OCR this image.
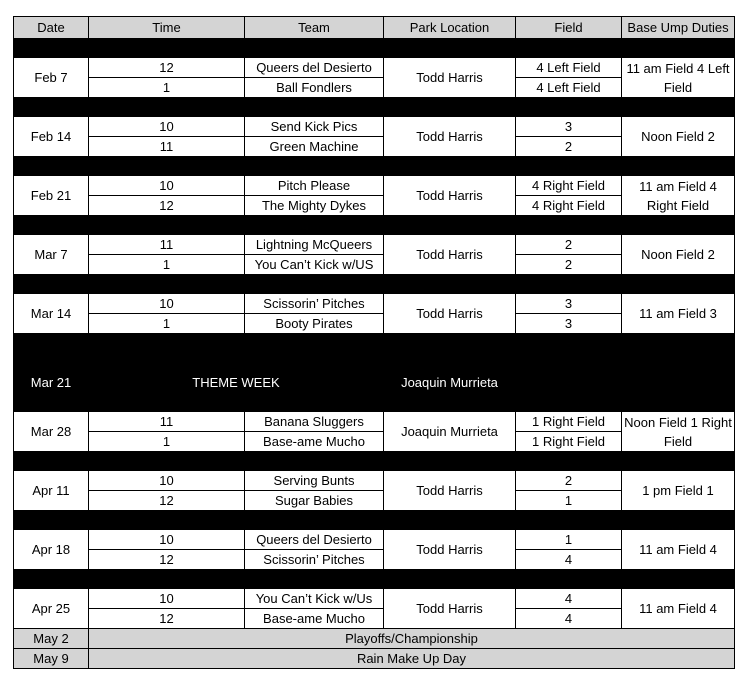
Date	Time	Team	Park Location	Field	Base Ump Duties

Feb 7	12	Queers del Desierto	Todd Harris	4 Left Field	11 am Field 4 Left Field
	1	Ball Fondlers		4 Left Field	

Feb 14	10	Send Kick Pics	Todd Harris	3	Noon Field 2
	11	Green Machine		2	

Feb 21	10	Pitch Please	Todd Harris	4 Right Field	11 am Field 4 Right Field
	12	The Mighty Dykes		4 Right Field	

Mar 7	11	Lightning McQueers	Todd Harris	2	Noon Field 2
	1	You Can’t Kick w/US		2	

Mar 14	10	Scissorin’ Pitches	Todd Harris	3	11 am Field 3
	1	Booty Pirates		3	

Mar 21	THEME WEEK		Joaquin Murrieta		
Mar 28	11	Banana Sluggers	Joaquin Murrieta	1 Right Field	Noon Field 1 Right Field
	1	Base-ame Mucho		1 Right Field	

Apr 11	10	Serving Bunts	Todd Harris	2	1 pm Field 1
	12	Sugar Babies		1	

Apr 18	10	Queers del Desierto	Todd Harris	1	11 am Field 4
	12	Scissorin’ Pitches		4	

Apr 25	10	You Can’t Kick w/Us	Todd Harris	4	11 am Field 4
	12	Base-ame Mucho		4	
May 2	Playoffs/Championship				
May 9	Rain Make Up Day				
